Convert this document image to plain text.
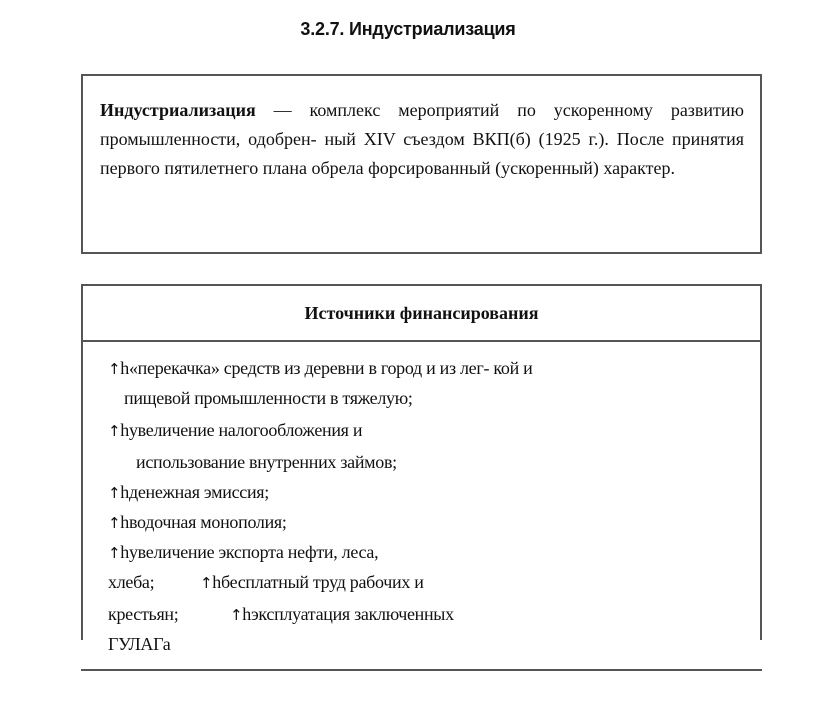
3.2.7. Индустриализация
Индустриализация — комплекс мероприятий по ускоренному развитию промышленности, одобрен- ный XIV съездом ВКП(б) (1925 г.). После принятия первого пятилетнего плана обрела форсированный (ускоренный) характер.
Источники финансирования
↑h«перекачка» средств из деревни в город и из лег- кой и
пищевой промышленности в тяжелую;
↑hувеличение налогообложения и
использование внутренних займов;
↑hденежная эмиссия;
↑hводочная монополия;
↑hувеличение экспорта нефти, леса,
хлеба;	↑hбесплатный труд рабочих и
крестьян;	↑hэксплуатация заключенных
ГУЛАГа
